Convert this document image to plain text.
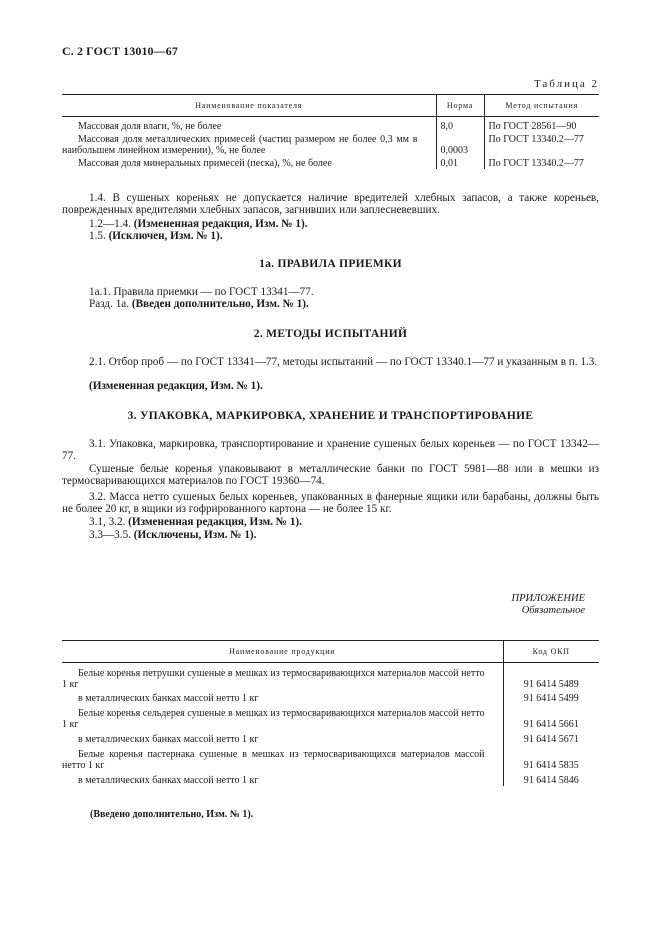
С. 2 ГОСТ 13010—67
Таблица 2
Наименование показателя	Норма	Метод испытания
Массовая доля влаги, %, не более	8,0	По ГОСТ 28561—90
Массовая доля металлических примесей (частиц размером не более 0,3 мм в наибольшем линейном измерении), %, не более	0,0003	По ГОСТ 13340.2—77
Массовая доля минеральных примесей (песка), %, не более	0,01	По ГОСТ 13340.2—77
1.4. В сушеных кореньях не допускается наличие вредителей хлебных запасов, а также кореньев, поврежденных вредителями хлебных запасов, загнивших или заплесневевших.
1.2—1.4. (Измененная редакция, Изм. № 1).
1.5. (Исключен, Изм. № 1).
1а. ПРАВИЛА ПРИЕМКИ
1а.1. Правила приемки — по ГОСТ 13341—77.
Разд. 1а. (Введен дополнительно, Изм. № 1).
2. МЕТОДЫ ИСПЫТАНИЙ
2.1. Отбор проб — по ГОСТ 13341—77, методы испытаний — по ГОСТ 13340.1—77 и указанным в п. 1.3.
(Измененная редакция, Изм. № 1).
3. УПАКОВКА, МАРКИРОВКА, ХРАНЕНИЕ И ТРАНСПОРТИРОВАНИЕ
3.1. Упаковка, маркировка, транспортирование и хранение сушеных белых кореньев — по ГОСТ 13342—77.
Сушеные белые коренья упаковывают в металлические банки по ГОСТ 5981—88 или в мешки из термосваривающихся материалов по ГОСТ 19360—74.
3.2. Масса нетто сушеных белых кореньев, упакованных в фанерные ящики или барабаны, должны быть не более 20 кг, в ящики из гофрированного картона — не более 15 кг.
3.1, 3.2. (Измененная редакция, Изм. № 1).
3.3—3.5. (Исключены, Изм. № 1).
ПРИЛОЖЕНИЕ
Обязательное
Наименование продукции	Код ОКП
Белые коренья петрушки сушеные в мешках из термосваривающихся материалов массой нетто 1 кг	91 6414 5489
в металлических банках массой нетто 1 кг	91 6414 5499
Белые коренья сельдерея сушеные в мешках из термосваривающихся материалов массой нетто 1 кг	91 6414 5661
в металлических банках массой нетто 1 кг	91 6414 5671
Белые коренья пастернака сушеные в мешках из термосваривающихся материалов массой нетто 1 кг	91 6414 5835
в металлических банках массой нетто 1 кг	91 6414 5846
(Введено дополнительно, Изм. № 1).
